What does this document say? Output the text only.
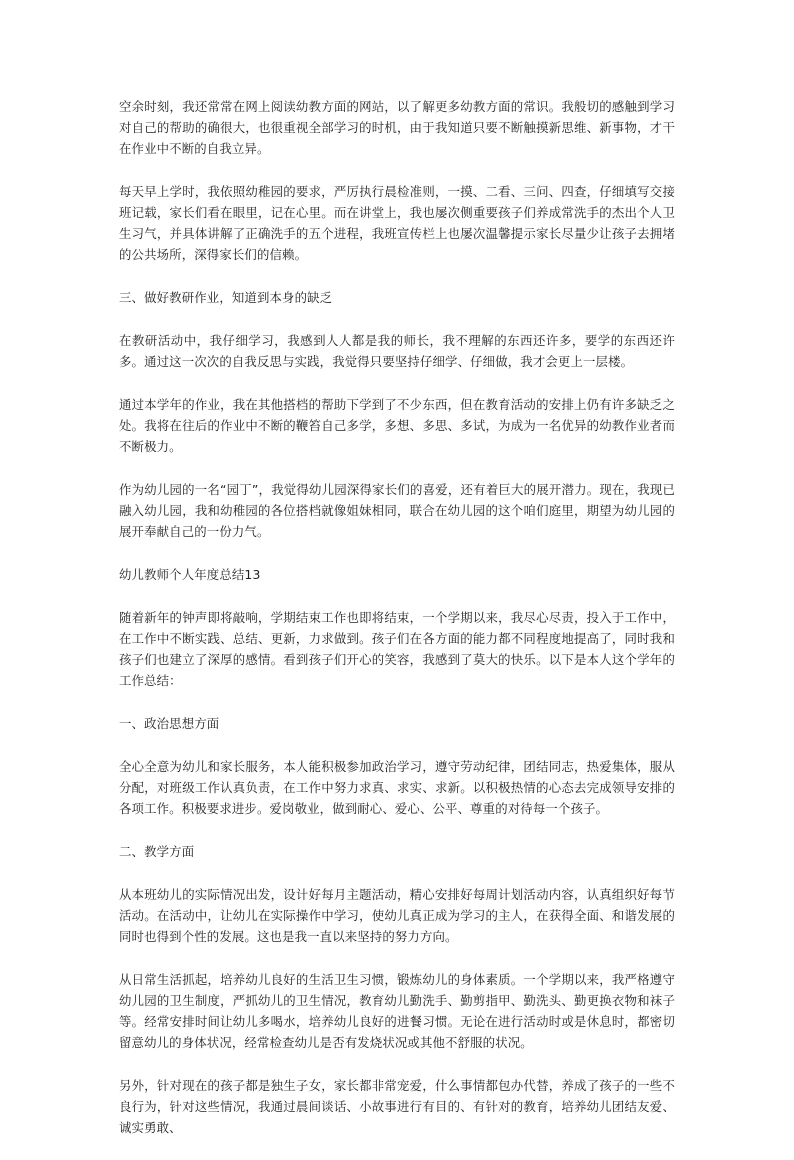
空余时刻，我还常常在网上阅读幼教方面的网站，以了解更多幼教方面的常识。我般切的感触到学习对自己的帮助的确很大，也很重视全部学习的时机，由于我知道只要不断触摸新思维、新事物，才干在作业中不断的自我立异。

每天早上学时，我依照幼稚园的要求，严厉执行晨检准则，一摸、二看、三问、四查，仔细填写交接班记载，家长们看在眼里，记在心里。而在讲堂上，我也屡次侧重要孩子们养成常洗手的杰出个人卫生习气，并具体讲解了正确洗手的五个进程，我班宣传栏上也屡次温馨提示家长尽量少让孩子去拥堵的公共场所，深得家长们的信赖。

三、做好教研作业，知道到本身的缺乏

在教研活动中，我仔细学习，我感到人人都是我的师长，我不理解的东西还许多，要学的东西还许多。通过这一次次的自我反思与实践，我觉得只要坚持仔细学、仔细做，我才会更上一层楼。

通过本学年的作业，我在其他搭档的帮助下学到了不少东西，但在教育活动的安排上仍有许多缺乏之处。我将在往后的作业中不断的鞭笞自己多学，多想、多思、多试，为成为一名优异的幼教作业者而不断极力。

作为幼儿园的一名“园丁”，我觉得幼儿园深得家长们的喜爱，还有着巨大的展开潜力。现在，我现已融入幼儿园，我和幼稚园的各位搭档就像姐妹相同，联合在幼儿园的这个咱们庭里，期望为幼儿园的展开奉献自己的一份力气。

幼儿教师个人年度总结13

随着新年的钟声即将敲响，学期结束工作也即将结束，一个学期以来，我尽心尽责，投入于工作中，在工作中不断实践、总结、更新，力求做到。孩子们在各方面的能力都不同程度地提高了，同时我和孩子们也建立了深厚的感情。看到孩子们开心的笑容，我感到了莫大的快乐。以下是本人这个学年的工作总结：

一、政治思想方面

全心全意为幼儿和家长服务，本人能积极参加政治学习，遵守劳动纪律，团结同志，热爱集体，服从分配，对班级工作认真负责，在工作中努力求真、求实、求新。以积极热情的心态去完成领导安排的各项工作。积极要求进步。爱岗敬业，做到耐心、爱心、公平、尊重的对待每一个孩子。

二、教学方面

从本班幼儿的实际情况出发，设计好每月主题活动，精心安排好每周计划活动内容，认真组织好每节活动。在活动中，让幼儿在实际操作中学习，使幼儿真正成为学习的主人，在获得全面、和谐发展的同时也得到个性的发展。这也是我一直以来坚持的努力方向。

从日常生活抓起，培养幼儿良好的生活卫生习惯，锻炼幼儿的身体素质。一个学期以来，我严格遵守幼儿园的卫生制度，严抓幼儿的卫生情况，教育幼儿勤洗手、勤剪指甲、勤洗头、勤更换衣物和袜子等。经常安排时间让幼儿多喝水，培养幼儿良好的进餐习惯。无论在进行活动时或是休息时，都密切留意幼儿的身体状况，经常检查幼儿是否有发烧状况或其他不舒服的状况。

另外，针对现在的孩子都是独生子女，家长都非常宠爱，什么事情都包办代替，养成了孩子的一些不良行为，针对这些情况，我通过晨间谈话、小故事进行有目的、有针对的教育，培养幼儿团结友爱、诚实勇敢、
